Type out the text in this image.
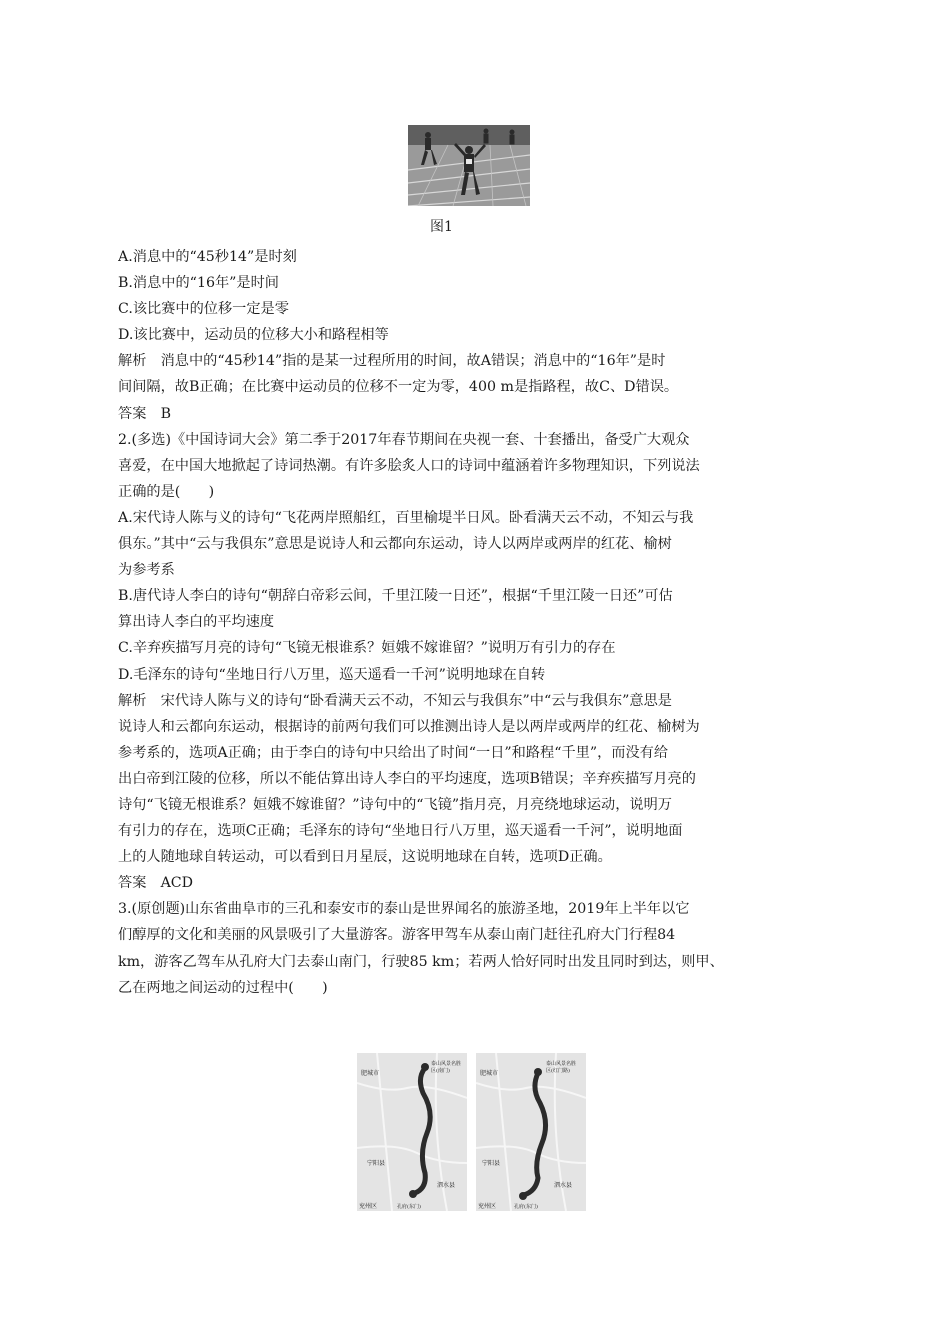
图1
A.消息中的“45秒14”是时刻
B.消息中的“16年”是时间
C.该比赛中的位移一定是零
D.该比赛中，运动员的位移大小和路程相等
解析　消息中的“45秒14”指的是某一过程所用的时间，故A错误；消息中的“16年”是时
间间隔，故B正确；在比赛中运动员的位移不一定为零，400 m是指路程，故C、D错误。
答案　B
2.(多选)《中国诗词大会》第二季于2017年春节期间在央视一套、十套播出，备受广大观众
喜爱，在中国大地掀起了诗词热潮。有许多脍炙人口的诗词中蕴涵着许多物理知识，下列说法
正确的是(　　)
A.宋代诗人陈与义的诗句“飞花两岸照船红，百里榆堤半日风。卧看满天云不动，不知云与我
俱东。”其中“云与我俱东”意思是说诗人和云都向东运动，诗人以两岸或两岸的红花、榆树
为参考系
B.唐代诗人李白的诗句“朝辞白帝彩云间，千里江陵一日还”，根据“千里江陵一日还”可估
算出诗人李白的平均速度
C.辛弃疾描写月亮的诗句“飞镜无根谁系？姮娥不嫁谁留？”说明万有引力的存在
D.毛泽东的诗句“坐地日行八万里，巡天遥看一千河”说明地球在自转
解析　宋代诗人陈与义的诗句“卧看满天云不动，不知云与我俱东”中“云与我俱东”意思是
说诗人和云都向东运动，根据诗的前两句我们可以推测出诗人是以两岸或两岸的红花、榆树为
参考系的，选项A正确；由于李白的诗句中只给出了时间“一日”和路程“千里”，而没有给
出白帝到江陵的位移，所以不能估算出诗人李白的平均速度，选项B错误；辛弃疾描写月亮的
诗句“飞镜无根谁系？姮娥不嫁谁留？”诗句中的“飞镜”指月亮，月亮绕地球运动，说明万
有引力的存在，选项C正确；毛泽东的诗句“坐地日行八万里，巡天遥看一千河”，说明地面
上的人随地球自转运动，可以看到日月星辰，这说明地球在自转，选项D正确。
答案　ACD
3.(原创题)山东省曲阜市的三孔和泰安市的泰山是世界闻名的旅游圣地，2019年上半年以它
们醇厚的文化和美丽的风景吸引了大量游客。游客甲驾车从泰山南门赶往孔府大门行程84
km，游客乙驾车从孔府大门去泰山南门，行驶85 km；若两人恰好同时出发且同时到达，则甲、
乙在两地之间运动的过程中(　　)
泰山风景名胜
区(南门)
肥城市
宁阳县
泗水县
兖州区	孔府(东门)
泰山风景名胜
区(红门路)
肥城市
宁阳县
泗水县
兖州区	孔府(东门)
